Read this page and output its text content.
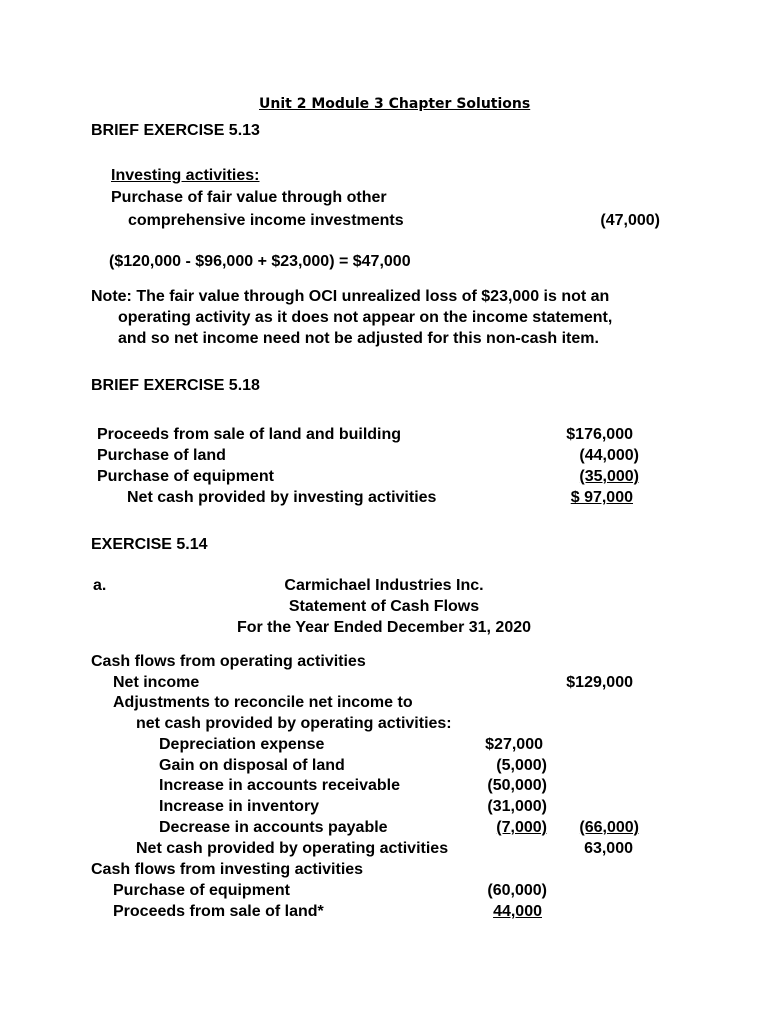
Unit 2 Module 3 Chapter Solutions
BRIEF EXERCISE 5.13
Investing activities:
Purchase of fair value through other
comprehensive income investments	(47,000)
($120,000 - $96,000 + $23,000) = $47,000
Note: The fair value through OCI unrealized loss of $23,000 is not an
operating activity as it does not appear on the income statement,
and so net income need not be adjusted for this non-cash item.
BRIEF EXERCISE 5.18
Proceeds from sale of land and building	$176,000
Purchase of land	(44,000)
Purchase of equipment	(35,000)
Net cash provided by investing activities	$ 97,000
EXERCISE 5.14
a.	Carmichael Industries Inc.
Statement of Cash Flows
For the Year Ended December 31, 2020
Cash flows from operating activities
Net income	$129,000
Adjustments to reconcile net income to
net cash provided by operating activities:
Depreciation expense	$27,000
Gain on disposal of land	(5,000)
Increase in accounts receivable	(50,000)
Increase in inventory	(31,000)
Decrease in accounts payable	(7,000)	(66,000)
Net cash provided by operating activities	63,000
Cash flows from investing activities
Purchase of equipment	(60,000)
Proceeds from sale of land*	44,000
